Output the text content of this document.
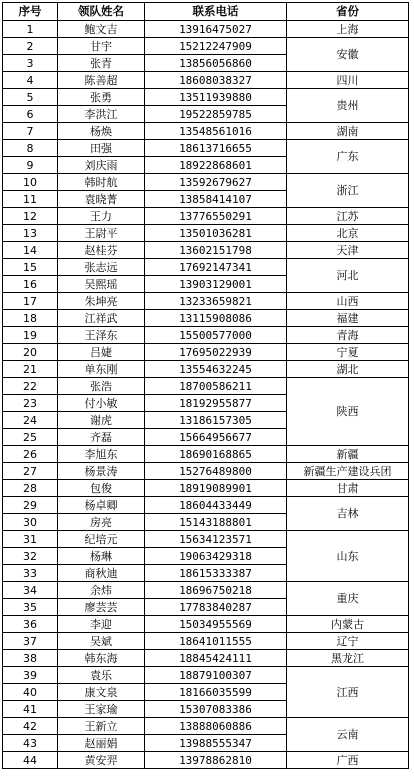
序号	领队姓名	联系电话	省份
1	鲍文吉	13916475027	上海
2	甘宇	15212247909	安徽
3	张青	13856056860	
4	陈善超	18608038327	四川
5	张勇	13511939880	贵州
6	李洪江	19522859785	
7	杨焕	13548561016	湖南
8	田强	18613716655	广东
9	刘庆雨	18922868601	
10	韩时航	13592679627	浙江
11	袁晓菁	13858414107	
12	王力	13776550291	江苏
13	王尉平	13501036281	北京
14	赵桂芬	13602151798	天津
15	张志远	17692147341	河北
16	吴熙瑶	13903129001	
17	朱坤亮	13233659821	山西
18	江祥武	13115908086	福建
19	王泽东	15500577000	青海
20	吕婕	17695022939	宁夏
21	单东刚	13554632245	湖北
22	张浩	18700586211	陕西
23	付小敏	18192955877	
24	谢虎	13186157305	
25	齐磊	15664956677	
26	李旭东	18690168865	新疆
27	杨景涛	15276489800	新疆生产建设兵团
28	包俊	18919089901	甘肃
29	杨卓卿	18604433449	吉林
30	房亮	15143188801	
31	纪培元	15634123571	山东
32	杨琳	19063429318	
33	商秋迪	18615333387	
34	余炜	18696750218	重庆
35	廖芸芸	17783840287	
36	李迎	15034955569	内蒙古
37	吴斌	18641011555	辽宁
38	韩东海	18845424111	黑龙江
39	袁乐	18879100307	江西
40	康文泉	18166035599	
41	王家瑜	15307083386	
42	王新立	13888060886	云南
43	赵丽娟	13988555347	
44	黄安羿	13978862810	广西
